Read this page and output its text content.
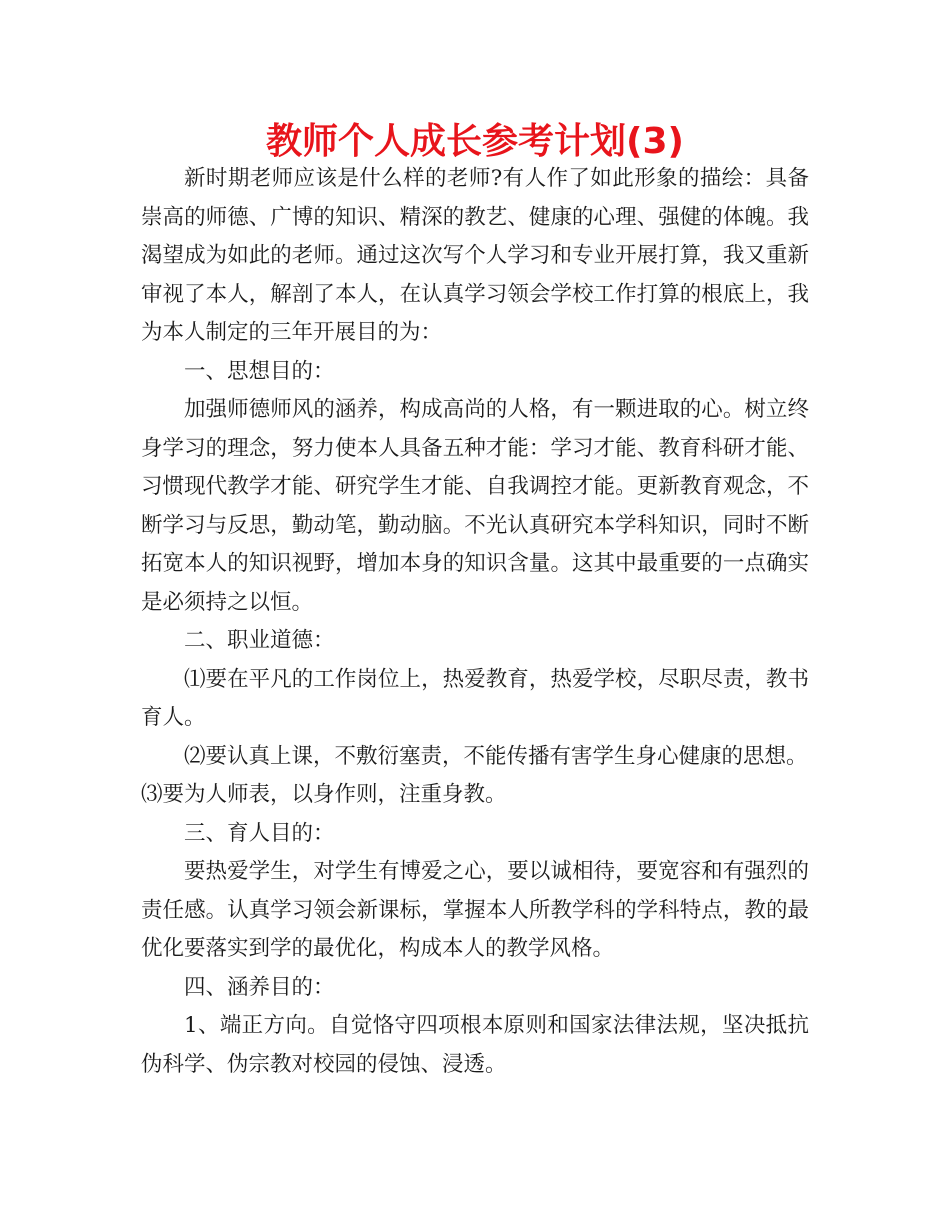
教师个人成长参考计划(3)

新时期老师应该是什么样的老师?有人作了如此形象的描绘：具备崇高的师德、广博的知识、精深的教艺、健康的心理、强健的体魄。我渴望成为如此的老师。通过这次写个人学习和专业开展打算，我又重新审视了本人，解剖了本人，在认真学习领会学校工作打算的根底上，我为本人制定的三年开展目的为：

一、思想目的：

加强师德师风的涵养，构成高尚的人格，有一颗进取的心。树立终身学习的理念，努力使本人具备五种才能：学习才能、教育科研才能、习惯现代教学才能、研究学生才能、自我调控才能。更新教育观念，不断学习与反思，勤动笔，勤动脑。不光认真研究本学科知识，同时不断拓宽本人的知识视野，增加本身的知识含量。这其中最重要的一点确实是必须持之以恒。

二、职业道德：

⑴要在平凡的工作岗位上，热爱教育，热爱学校，尽职尽责，教书育人。

⑵要认真上课，不敷衍塞责，不能传播有害学生身心健康的思想。

⑶要为人师表，以身作则，注重身教。

三、育人目的：

要热爱学生，对学生有博爱之心，要以诚相待，要宽容和有强烈的责任感。认真学习领会新课标，掌握本人所教学科的学科特点，教的最优化要落实到学的最优化，构成本人的教学风格。

四、涵养目的：

1、端正方向。自觉恪守四项根本原则和国家法律法规，坚决抵抗伪科学、伪宗教对校园的侵蚀、浸透。
